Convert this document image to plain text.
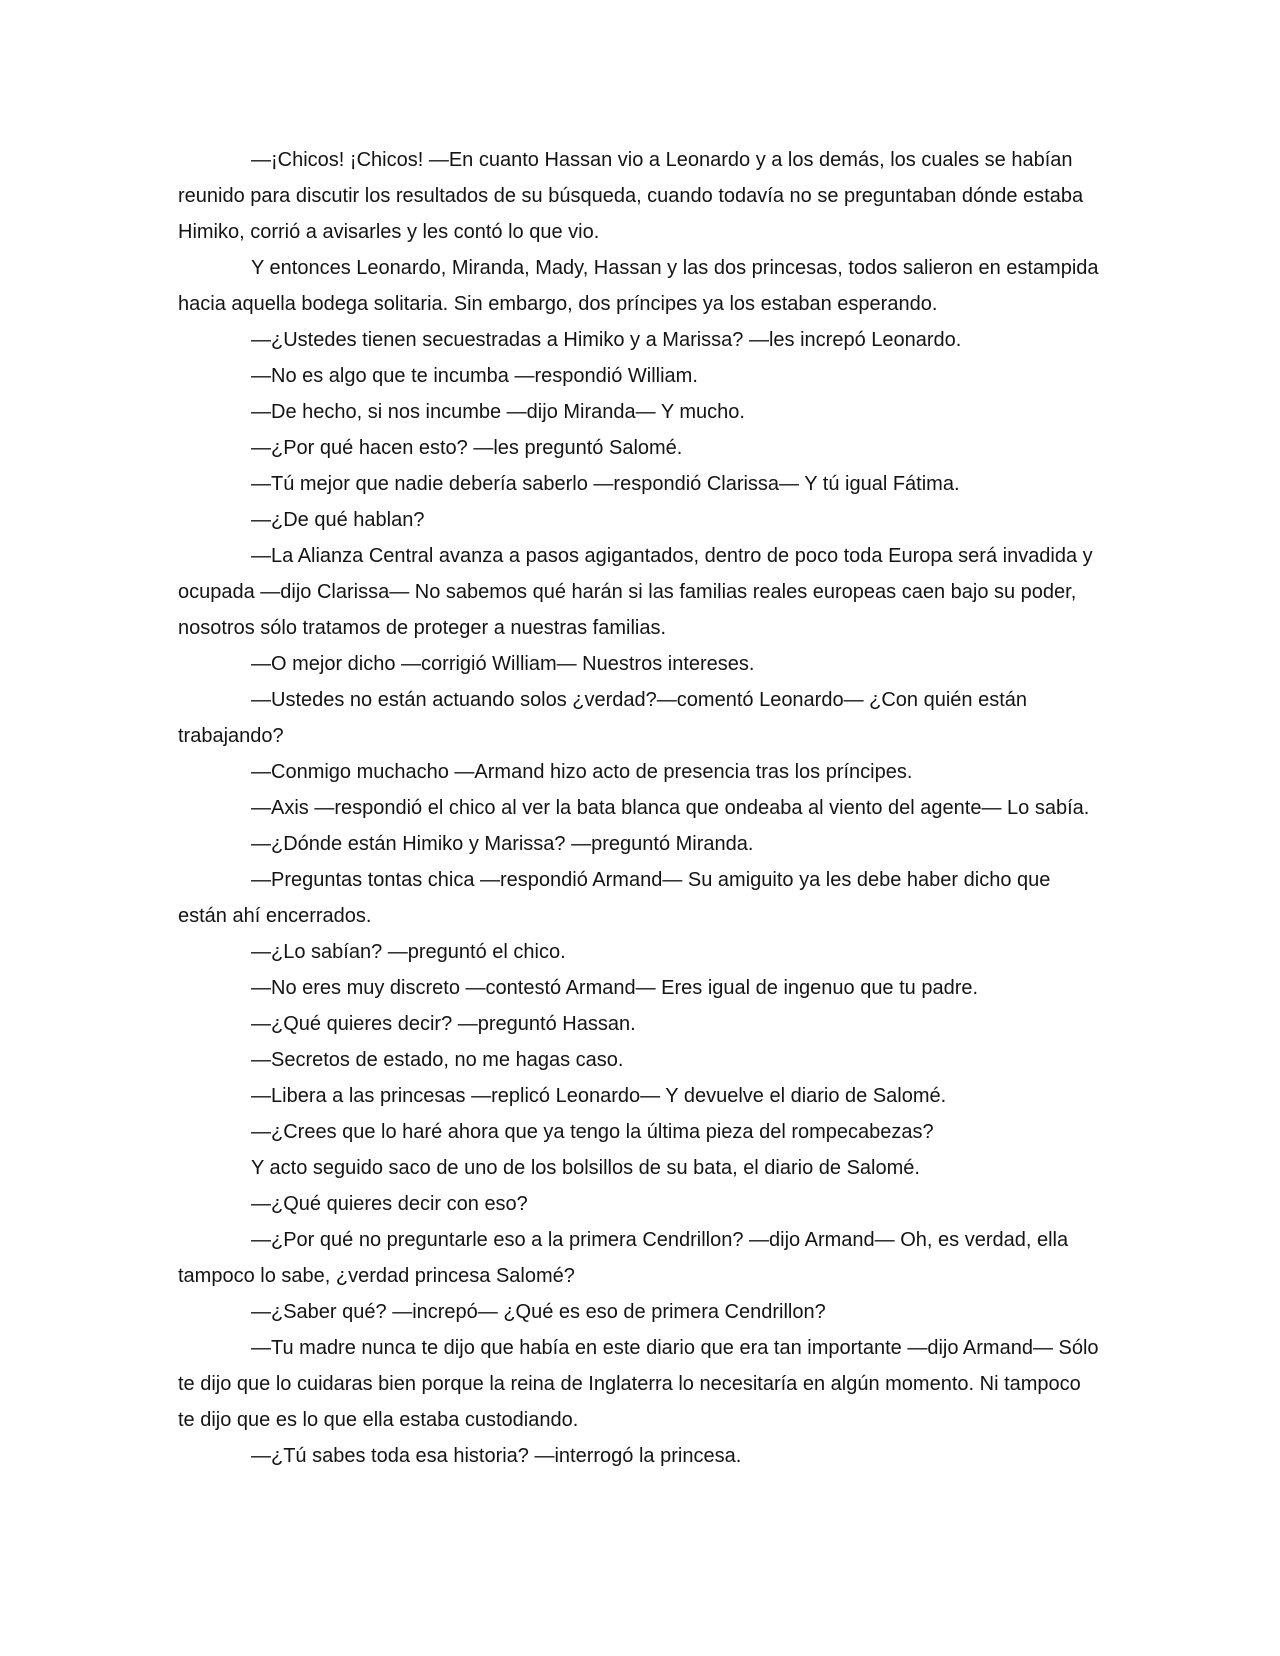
—¡Chicos! ¡Chicos! —En cuanto Hassan vio a Leonardo y a los demás, los cuales se habían reunido para discutir los resultados de su búsqueda, cuando todavía no se preguntaban dónde estaba Himiko, corrió a avisarles y les contó lo que vio.

Y entonces Leonardo, Miranda, Mady, Hassan y las dos princesas, todos salieron en estampida hacia aquella bodega solitaria. Sin embargo, dos príncipes ya los estaban esperando.

—¿Ustedes tienen secuestradas a Himiko y a Marissa? —les increpó Leonardo.

—No es algo que te incumba —respondió William.

—De hecho, si nos incumbe —dijo Miranda— Y mucho.

—¿Por qué hacen esto? —les preguntó Salomé.

—Tú mejor que nadie debería saberlo —respondió Clarissa— Y tú igual Fátima.

—¿De qué hablan?

—La Alianza Central avanza a pasos agigantados, dentro de poco toda Europa será invadida y ocupada —dijo Clarissa— No sabemos qué harán si las familias reales europeas caen bajo su poder, nosotros sólo tratamos de proteger a nuestras familias.

—O mejor dicho —corrigió William— Nuestros intereses.

—Ustedes no están actuando solos ¿verdad?—comentó Leonardo— ¿Con quién están trabajando?

—Conmigo muchacho —Armand hizo acto de presencia tras los príncipes.

—Axis —respondió el chico al ver la bata blanca que ondeaba al viento del agente— Lo sabía.

—¿Dónde están Himiko y Marissa? —preguntó Miranda.

—Preguntas tontas chica —respondió Armand— Su amiguito ya les debe haber dicho que están ahí encerrados.

—¿Lo sabían? —preguntó el chico.

—No eres muy discreto —contestó Armand— Eres igual de ingenuo que tu padre.

—¿Qué quieres decir? —preguntó Hassan.

—Secretos de estado, no me hagas caso.

—Libera a las princesas —replicó Leonardo— Y devuelve el diario de Salomé.

—¿Crees que lo haré ahora que ya tengo la última pieza del rompecabezas?

Y acto seguido saco de uno de los bolsillos de su bata, el diario de Salomé.

—¿Qué quieres decir con eso?

—¿Por qué no preguntarle eso a la primera Cendrillon? —dijo Armand— Oh, es verdad, ella tampoco lo sabe, ¿verdad princesa Salomé?

—¿Saber qué? —increpó— ¿Qué es eso de primera Cendrillon?

—Tu madre nunca te dijo que había en este diario que era tan importante —dijo Armand— Sólo te dijo que lo cuidaras bien porque la reina de Inglaterra lo necesitaría en algún momento. Ni tampoco te dijo que es lo que ella estaba custodiando.

—¿Tú sabes toda esa historia? —interrogó la princesa.
